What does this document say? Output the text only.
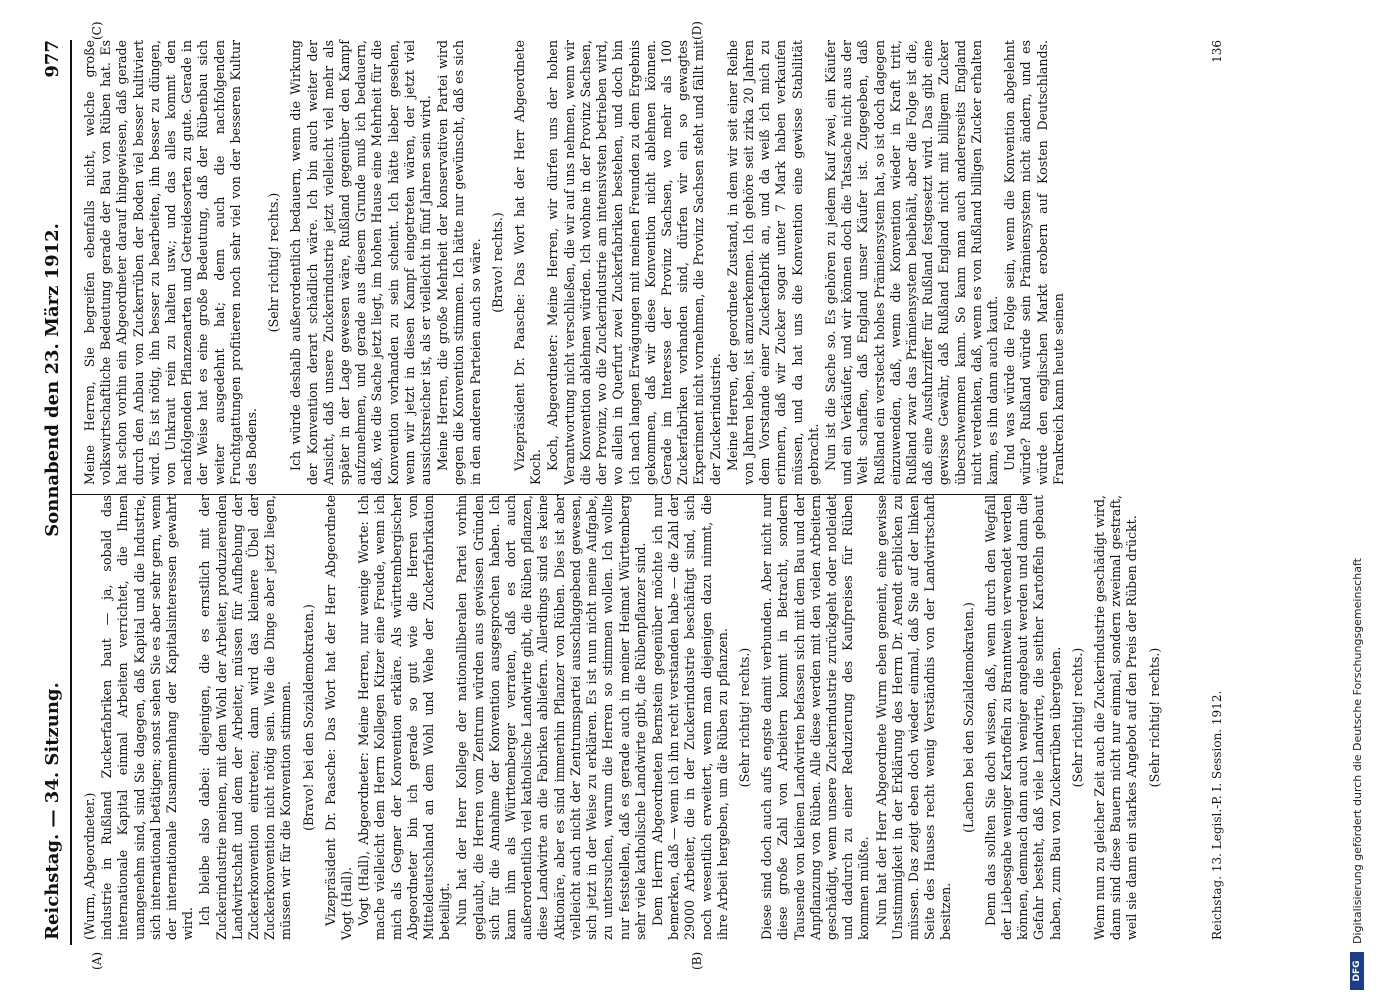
Reichstag. — 34. Sitzung.
Sonnabend den 23. März 1912.
977
(A)	(B)
(C)	(D)

(Wurm, Abgeordneter.) industrie in Rußland Zuckerfabriken baut — ja, sobald das internationale Kapital einmal Arbeiten verrichtet, die Ihnen unangenehm sind, sind Sie dagegen, daß Kapital und die Industrie, sich international betätigen; sonst sehen Sie es aber sehr gern, wenn der internationale Zusammenhang der Kapitalsinteressen gewahrt wird. Ich bleibe also dabei: diejenigen, die es ernstlich mit der Zuckerindustrie meinen, mit dem Wohl der Arbeiter, produzierenden Landwirtschaft und dem der Arbeiter, müssen für Aufhebung der Zuckerkonvention eintreten; dann wird das kleinere Übel der Zuckerkonvention nicht nötig sein. Wie die Dinge aber jetzt liegen, müssen wir für die Konvention stimmen. (Bravo! bei den Sozialdemokraten.) Vizepräsident Dr. Paasche: Das Wort hat der Herr Abgeordnete Vogt (Hall). Vogt (Hall), Abgeordneter: Meine Herren, nur wenige Worte: Ich mache vielleicht dem Herrn Kollegen Kitzer eine Freude, wenn ich mich als Gegner der Konvention erkläre. Als württembergischer Abgeordneter bin ich gerade so gut wie die Herren von Mitteldeutschland an dem Wohl und Wehe der Zuckerfabrikation beteiligt. Nun hat der Herr Kollege der nationalliberalen Partei vorhin geglaubt, die Herren vom Zentrum würden aus gewissen Gründen sich für die Annahme der Konvention ausgesprochen haben. Ich kann ihm als Württemberger verraten, daß es dort auch außerordentlich viel katholische Landwirte gibt, die Rüben pflanzen, diese Landwirte an die Fabriken abliefern. Allerdings sind es keine Aktionäre, aber es sind immerhin Pflanzer von Rüben. Dies ist aber vielleicht auch nicht der Zentrumspartei ausschlaggebend gewesen, sich jetzt in der Weise zu erklären. Es ist nun nicht meine Aufgabe, zu untersuchen, warum die Herren so stimmen wollen. Ich wollte nur feststellen, daß es gerade auch in meiner Heimat Württemberg sehr viele katholische Landwirte gibt, die Rübenpflanzer sind. Dem Herrn Abgeordneten Bernstein gegenüber möchte ich nur bemerken, daß — wenn ich ihn recht verstanden habe — die Zahl der 29000 Arbeiter, die in der Zuckerindustrie beschäftigt sind, sich noch wesentlich erweitert, wenn man diejenigen dazu nimmt, die ihre Arbeit hergeben, um die Rüben zu pflanzen. (Sehr richtig! rechts.) Diese sind doch auch aufs engste damit verbunden. Aber nicht nur diese große Zahl von Arbeitern kommt in Betracht, sondern Tausende von kleinen Landwirten befassen sich mit dem Bau und der Anpflanzung von Rüben. Alle diese werden mit den vielen Arbeitern geschädigt, wenn unsere Zuckerindustrie zurückgeht oder notleidet und dadurch zu einer Reduzierung des Kaufpreises für Rüben kommen müßte. Nun hat der Herr Abgeordnete Wurm eben gemeint, eine gewisse Unstimmigkeit in der Erklärung des Herrn Dr. Arendt erblicken zu müssen. Das zeigt eben doch wieder einmal, daß Sie auf der linken Seite des Hauses recht wenig Verständnis von der Landwirtschaft besitzen.

(Lachen bei den Sozialdemokraten.) Denn das sollten Sie doch wissen, daß, wenn durch den Wegfall der Liebesgabe weniger Kartoffeln zu Branntwein verwendet werden können, demnach dann auch weniger angebaut werden und dann die Gefahr besteht, daß viele Landwirte, die seither Kartoffeln gebaut haben, zum Bau von Zuckerrüben übergehen. (Sehr richtig! rechts.) Wenn nun zu gleicher Zeit auch die Zuckerindustrie geschädigt wird, dann sind diese Bauern nicht nur einmal, sondern zweimal gestraft, weil sie dann ein starkes Angebot auf den Preis der Rüben drückt. (Sehr richtig! rechts.)

Meine Herren, Sie begreifen ebenfalls nicht, welche große volkswirtschaftliche Bedeutung gerade der Bau von Rüben hat. Es hat schon vorhin ein Abgeordneter darauf hingewiesen, daß gerade durch den Anbau von Zuckerrüben der Boden viel besser kultiviert wird. Es ist nötig, ihn besser zu bearbeiten, ihn besser zu düngen, von Unkraut rein zu halten usw.; und das alles kommt den nachfolgenden Pflanzenarten und Getreidesorten zu gute. Gerade in der Weise hat es eine große Bedeutung, daß der Rübenbau sich weiter ausgedehnt hat; denn auch die nachfolgenden Fruchtgattungen profitieren noch sehr viel von der besseren Kultur des Bodens.

(Sehr richtig! rechts.) Ich würde deshalb außerordentlich bedauern, wenn die Wirkung der Konvention derart schädlich wäre. Ich bin auch weiter der Ansicht, daß unsere Zuckerindustrie jetzt vielleicht viel mehr als später in der Lage gewesen wäre, Rußland gegenüber den Kampf aufzunehmen, und gerade aus diesem Grunde muß ich bedauern, daß, wie die Sache jetzt liegt, im hohen Hause eine Mehrheit für die Konvention vorhanden zu sein scheint. Ich hätte lieber gesehen, wenn wir jetzt in diesen Kampf eingetreten wären, der jetzt viel aussichtsreicher ist, als er vielleicht in fünf Jahren sein wird. Meine Herren, die große Mehrheit der konservativen Partei wird gegen die Konvention stimmen. Ich hätte nur gewünscht, daß es sich in den anderen Parteien auch so wäre. (Bravo! rechts.) Vizepräsident Dr. Paasche: Das Wort hat der Herr Abgeordnete Koch. Koch, Abgeordneter: Meine Herren, wir dürfen uns der hohen Verantwortung nicht verschließen, die wir auf uns nehmen, wenn wir die Konvention ablehnen würden. Ich wohne in der Provinz Sachsen, der Provinz, wo die Zuckerindustrie am intensivsten betrieben wird, wo allein in Querfurt zwei Zuckerfabriken bestehen, und doch bin ich nach langen Erwägungen mit meinen Freunden zu dem Ergebnis gekommen, daß wir diese Konvention nicht ablehnen können. Gerade im Interesse der Provinz Sachsen, wo mehr als 100 Zuckerfabriken vorhanden sind, dürfen wir ein so gewagtes Experiment nicht vornehmen, die Provinz Sachsen steht und fällt mit der Zuckerindustrie. Meine Herren, der geordnete Zustand, in dem wir seit einer Reihe von Jahren leben, ist anzuerkennen. Ich gehöre seit zirka 20 Jahren dem Vorstande einer Zuckerfabrik an, und da weiß ich mich zu erinnern, daß wir Zucker sogar unter 7 Mark haben verkaufen müssen, und da hat uns die Konvention eine gewisse Stabilität gebracht. Nun ist die Sache so. Es gehören zu jedem Kauf zwei, ein Käufer und ein Verkäufer, und wir können doch die Tatsache nicht aus der Welt schaffen, daß England unser Käufer ist. Zugegeben, daß Rußland ein versteckt hohes Prämiensystem hat, so ist doch dagegen einzuwenden, daß, wenn die Konvention wieder in Kraft tritt, Rußland zwar das Prämiensystem beibehält, aber die Folge ist die, daß eine Ausfuhrziffer für Rußland festgesetzt wird. Das gibt eine gewisse Gewähr, daß Rußland England nicht mit billigem Zucker überschwemmen kann. So kann man auch andererseits England nicht verdenken, daß, wenn es von Rußland billigen Zucker erhalten kann, es ihn dann auch kauft. Und was würde die Folge sein, wenn die Konvention abgelehnt würde? Rußland würde sein Prämiensystem nicht ändern, und es würde den englischen Markt erobern auf Kosten Deutschlands. Frankreich kann heute seinen

Reichstag. 13. Legisl.-P. I. Session. 1912.
136
DFG
Digitalisierung gefördert durch die Deutsche Forschungsgemeinschaft
